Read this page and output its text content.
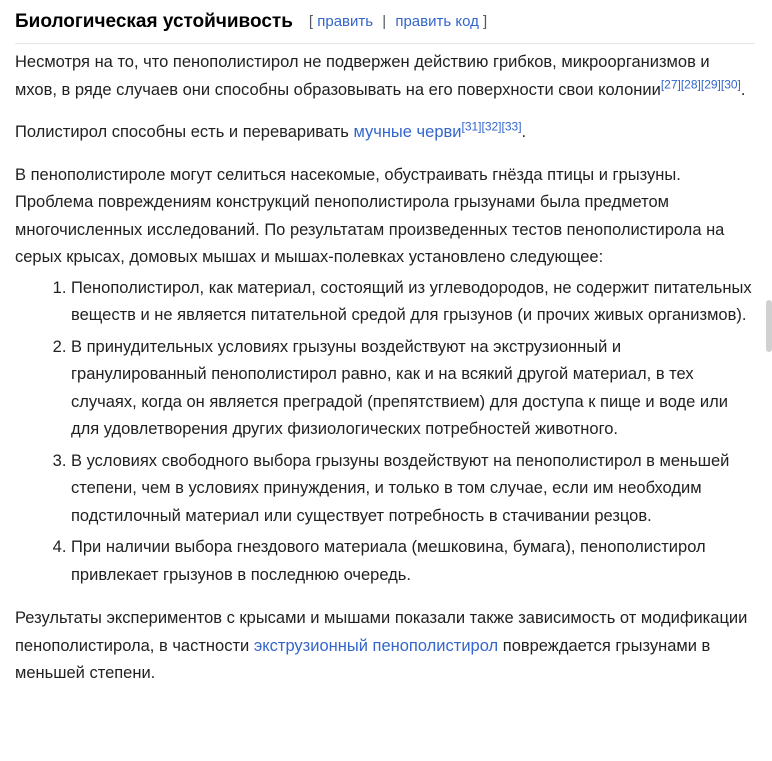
Биологическая устойчивость [ править | править код ]

Несмотря на то, что пенополистирол не подвержен действию грибков, микроорганизмов и мхов, в ряде случаев они способны образовывать на его поверхности свои колонии[27][28][29][30].

Полистирол способны есть и переваривать мучные черви[31][32][33].

В пенополистироле могут селиться насекомые, обустраивать гнёзда птицы и грызуны. Проблема повреждениям конструкций пенополистирола грызунами была предметом многочисленных исследований. По результатам произведенных тестов пенополистирола на серых крысах, домовых мышах и мышах-полевках установлено следующее:

1. Пенополистирол, как материал, состоящий из углеводородов, не содержит питательных веществ и не является питательной средой для грызунов (и прочих живых организмов).
2. В принудительных условиях грызуны воздействуют на экструзионный и гранулированный пенополистирол равно, как и на всякий другой материал, в тех случаях, когда он является преградой (препятствием) для доступа к пище и воде или для удовлетворения других физиологических потребностей животного.
3. В условиях свободного выбора грызуны воздействуют на пенополистирол в меньшей степени, чем в условиях принуждения, и только в том случае, если им необходим подстилочный материал или существует потребность в стачивании резцов.
4. При наличии выбора гнездового материала (мешковина, бумага), пенополистирол привлекает грызунов в последнюю очередь.

Результаты экспериментов с крысами и мышами показали также зависимость от модификации пенополистирола, в частности экструзионный пенополистирол повреждается грызунами в меньшей степени.
